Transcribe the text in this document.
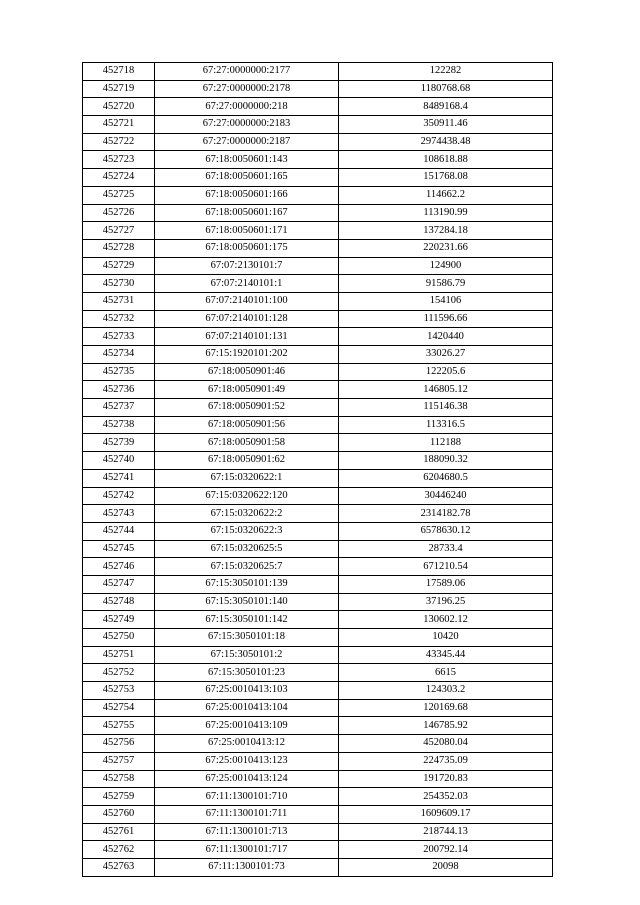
452718	67:27:0000000:2177	122282
452719	67:27:0000000:2178	1180768.68
452720	67:27:0000000:218	8489168.4
452721	67:27:0000000:2183	350911.46
452722	67:27:0000000:2187	2974438.48
452723	67:18:0050601:143	108618.88
452724	67:18:0050601:165	151768.08
452725	67:18:0050601:166	114662.2
452726	67:18:0050601:167	113190.99
452727	67:18:0050601:171	137284.18
452728	67:18:0050601:175	220231.66
452729	67:07:2130101:7	124900
452730	67:07:2140101:1	91586.79
452731	67:07:2140101:100	154106
452732	67:07:2140101:128	111596.66
452733	67:07:2140101:131	1420440
452734	67:15:1920101:202	33026.27
452735	67:18:0050901:46	122205.6
452736	67:18:0050901:49	146805.12
452737	67:18:0050901:52	115146.38
452738	67:18:0050901:56	113316.5
452739	67:18:0050901:58	112188
452740	67:18:0050901:62	188090.32
452741	67:15:0320622:1	6204680.5
452742	67:15:0320622:120	30446240
452743	67:15:0320622:2	2314182.78
452744	67:15:0320622:3	6578630.12
452745	67:15:0320625:5	28733.4
452746	67:15:0320625:7	671210.54
452747	67:15:3050101:139	17589.06
452748	67:15:3050101:140	37196.25
452749	67:15:3050101:142	130602.12
452750	67:15:3050101:18	10420
452751	67:15:3050101:2	43345.44
452752	67:15:3050101:23	6615
452753	67:25:0010413:103	124303.2
452754	67:25:0010413:104	120169.68
452755	67:25:0010413:109	146785.92
452756	67:25:0010413:12	452080.04
452757	67:25:0010413:123	224735.09
452758	67:25:0010413:124	191720.83
452759	67:11:1300101:710	254352.03
452760	67:11:1300101:711	1609609.17
452761	67:11:1300101:713	218744.13
452762	67:11:1300101:717	200792.14
452763	67:11:1300101:73	20098
